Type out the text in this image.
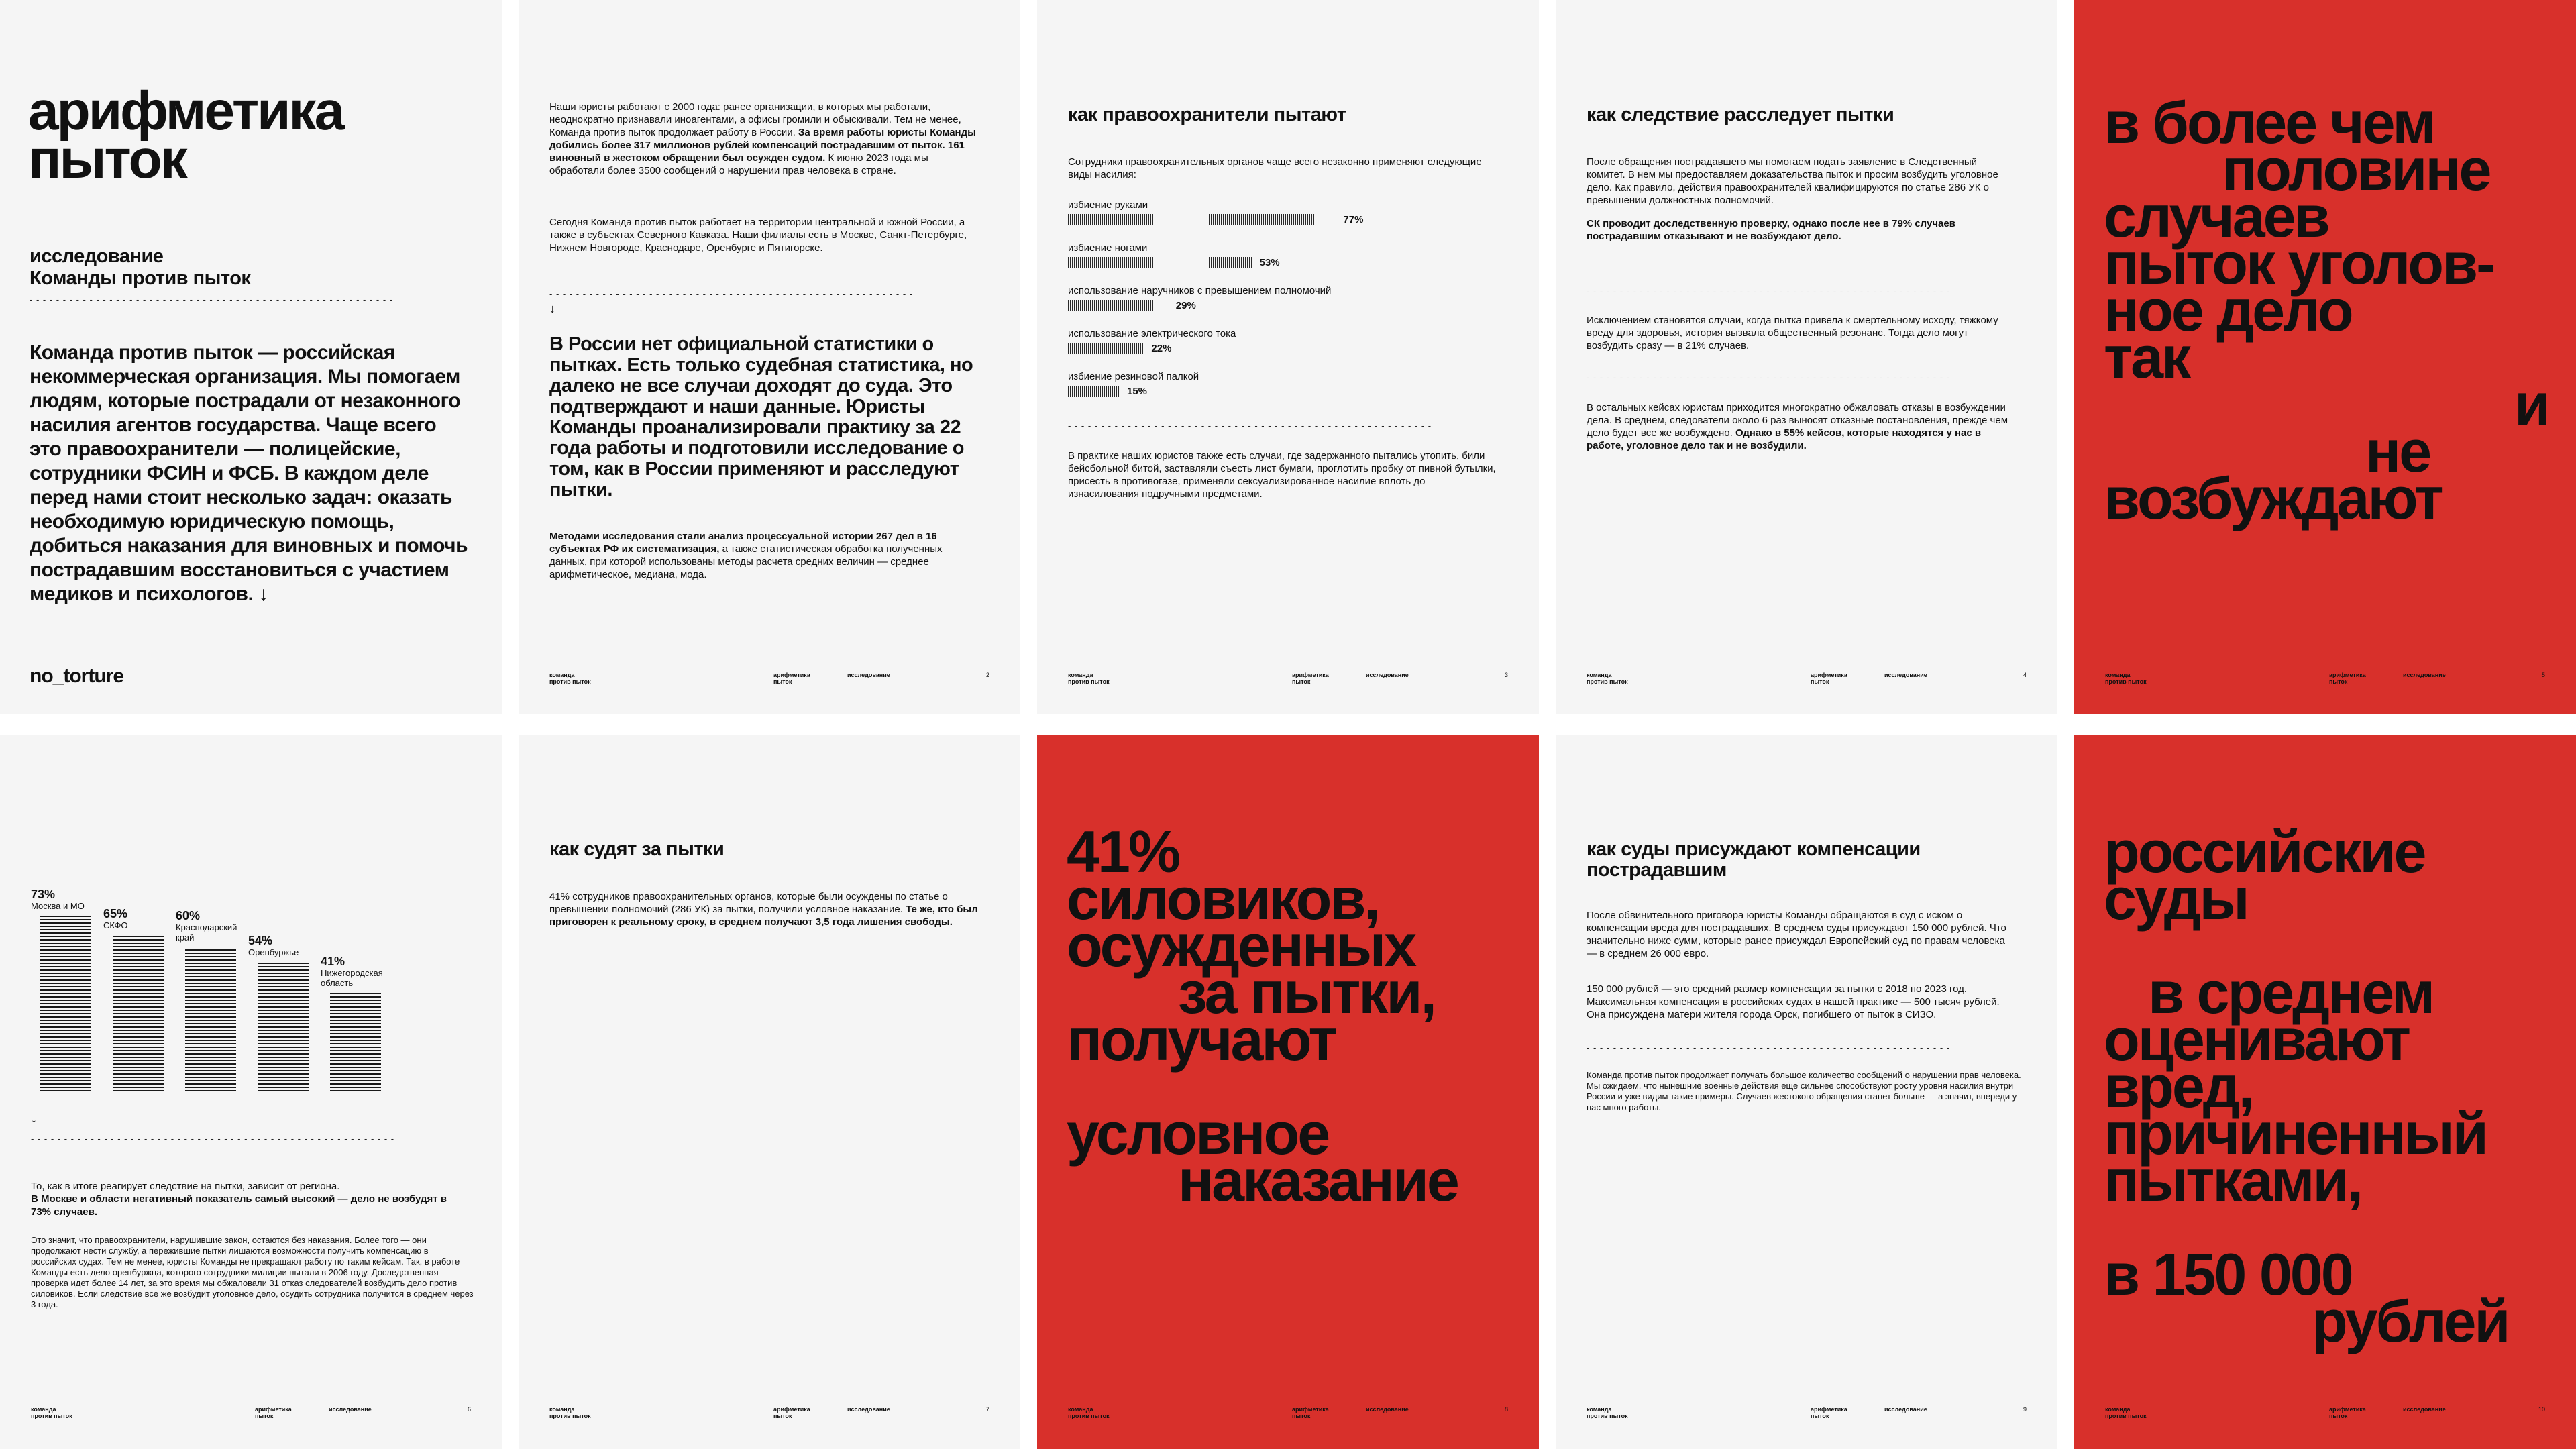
арифметика пыток
исследование
Команды против пыток
- - - - - - - - - - - - - - - - - - - - - - - - - - - - - - - - - - - - - - - - - - - - - - - - - - - - - - -
Команда против пыток — российская некоммерческая организация. Мы помогаем людям, которые пострадали от незаконного насилия агентов государства. Чаще всего это правоохранители — полицейские, сотрудники ФСИН и ФСБ. В каждом деле перед нами стоит несколько задач: оказать необходимую юридическую помощь, добиться наказания для виновных и помочь пострадавшим восстановиться с участием медиков и психологов. ↓
no_torture
Наши юристы работают с 2000 года: ранее организации, в которых мы работали, неоднократно признавали иноагентами, а офисы громили и обыскивали. Тем не менее, Команда против пыток продолжает работу в России. За время работы юристы Команды добились более 317 миллионов рублей компенсаций пострадавшим от пыток. 161 виновный в жестоком обращении был осужден судом. К июню 2023 года мы обработали более 3500 сообщений о нарушении прав человека в стране.
Сегодня Команда против пыток работает на территории центральной и южной России, а также в субъектах Северного Кавказа. Наши филиалы есть в Москве, Санкт-Петербурге, Нижнем Новгороде, Краснодаре, Оренбурге и Пятигорске.
- - - - - - - - - - - - - - - - - - - - - - - - - - - - - - - - - - - - - - - - - - - - - - - - - - - - - - -
↓
В России нет официальной статистики о пытках. Есть только судебная статистика, но далеко не все случаи доходят до суда. Это подтверждают и наши данные. Юристы Команды проанализировали практику за 22 года работы и подготовили исследование о том, как в России применяют и расследуют пытки.
Методами исследования стали анализ процессуальной истории 267 дел в 16 субъектах РФ их систематизация, а также статистическая обработка полученных данных, при которой использованы методы расчета средних величин — среднее арифметическое, медиана, мода.
команда
против пыток
арифметика
пыток
исследование	2
как правоохранители пытают
Сотрудники правоохранительных органов чаще всего незаконно применяют следующие виды насилия:
избиение руками
77%
избиение ногами
53%
использование наручников с превышением полномочий
29%
использование электрического тока
22%
избиение резиновой палкой
15%
- - - - - - - - - - - - - - - - - - - - - - - - - - - - - - - - - - - - - - - - - - - - - - - - - - - - - - -
В практике наших юристов также есть случаи, где задержанного пытались утопить, били бейсбольной битой, заставляли съесть лист бумаги, проглотить пробку от пивной бутылки, присесть в противогазе, применяли сексуализированное насилие вплоть до изнасилования подручными предметами.
команда
против пыток
арифметика
пыток
исследование	3
как следствие расследует пытки
После обращения пострадавшего мы помогаем подать заявление в Следственный комитет. В нем мы предоставляем доказательства пыток и просим возбудить уголовное дело. Как правило, действия правоохранителей квалифицируются по статье 286 УК о превышении должностных полномочий.
СК проводит доследственную проверку, однако после нее в 79% случаев пострадавшим отказывают и не возбуждают дело.
- - - - - - - - - - - - - - - - - - - - - - - - - - - - - - - - - - - - - - - - - - - - - - - - - - - - - - -
Исключением становятся случаи, когда пытка привела к смертельному исходу, тяжкому вреду для здоровья, история вызвала общественный резонанс. Тогда дело могут возбудить сразу — в 21% случаев.
- - - - - - - - - - - - - - - - - - - - - - - - - - - - - - - - - - - - - - - - - - - - - - - - - - - - - - -
В остальных кейсах юристам приходится многократно обжаловать отказы в возбуждении дела. В среднем, следователи около 6 раз выносят отказные постановления, прежде чем дело будет все же возбуждено. Однако в 55% кейсов, которые находятся у нас в работе, уголовное дело так и не возбудили.
команда
против пыток
арифметика
пыток
исследование	4
в более чем
половине
случаев
пыток уголов-
ное дело
так
и
не
возбуждают
команда
против пыток
арифметика
пыток
исследование	5
73%
Москва и МО
65%
СКФО
60%
Краснодарский край	54%
Оренбуржье
41%
Нижегородская область
↓
- - - - - - - - - - - - - - - - - - - - - - - - - - - - - - - - - - - - - - - - - - - - - - - - - - - - - - -
То, как в итоге реагирует следствие на пытки, зависит от региона.
В Москве и области негативный показатель самый высокий — дело не возбудят в 73% случаев.
Это значит, что правоохранители, нарушившие закон, остаются без наказания. Более того — они продолжают нести службу, а пережившие пытки лишаются возможности получить компенсацию в российских судах. Тем не менее, юристы Команды не прекращают работу по таким кейсам. Так, в работе Команды есть дело оренбуржца, которого сотрудники милиции пытали в 2006 году. Доследственная проверка идет более 14 лет, за это время мы обжаловали 31 отказ следователей возбудить дело против силовиков. Если следствие все же возбудит уголовное дело, осудить сотрудника получится в среднем через 3 года.
команда
против пыток
арифметика
пыток
исследование	6
как судят за пытки
41% сотрудников правоохранительных органов, которые были осуждены по статье о превышении полномочий (286 УК) за пытки, получили условное наказание. Те же, кто был приговорен к реальному сроку, в среднем получают 3,5 года лишения свободы.
команда
против пыток
арифметика
пыток
исследование	7
41%
силовиков,
осужденных
за пытки,
получают
условное
наказание
команда
против пыток
арифметика
пыток
исследование	8
как суды присуждают компенсации пострадавшим
После обвинительного приговора юристы Команды обращаются в суд с иском о компенсации вреда для пострадавших. В среднем суды присуждают 150 000 рублей. Что значительно ниже сумм, которые ранее присуждал Европейский суд по правам человека — в среднем 26 000 евро.
150 000 рублей — это средний размер компенсации за пытки с 2018 по 2023 год. Максимальная компенсация в российских судах в нашей практике — 500 тысяч рублей. Она присуждена матери жителя города Орск, погибшего от пыток в СИЗО.
- - - - - - - - - - - - - - - - - - - - - - - - - - - - - - - - - - - - - - - - - - - - - - - - - - - - - - -
Команда против пыток продолжает получать большое количество сообщений о нарушении прав человека. Мы ожидаем, что нынешние военные действия еще сильнее способствуют росту уровня насилия внутри России и уже видим такие примеры. Случаев жестокого обращения станет больше — а значит, впереди у нас много работы.
команда
против пыток
арифметика
пыток
исследование	9
российские
суды
в среднем
оценивают
вред,
причиненный
пытками,
в 150 000
рублей
команда
против пыток
арифметика
пыток
исследование	10
